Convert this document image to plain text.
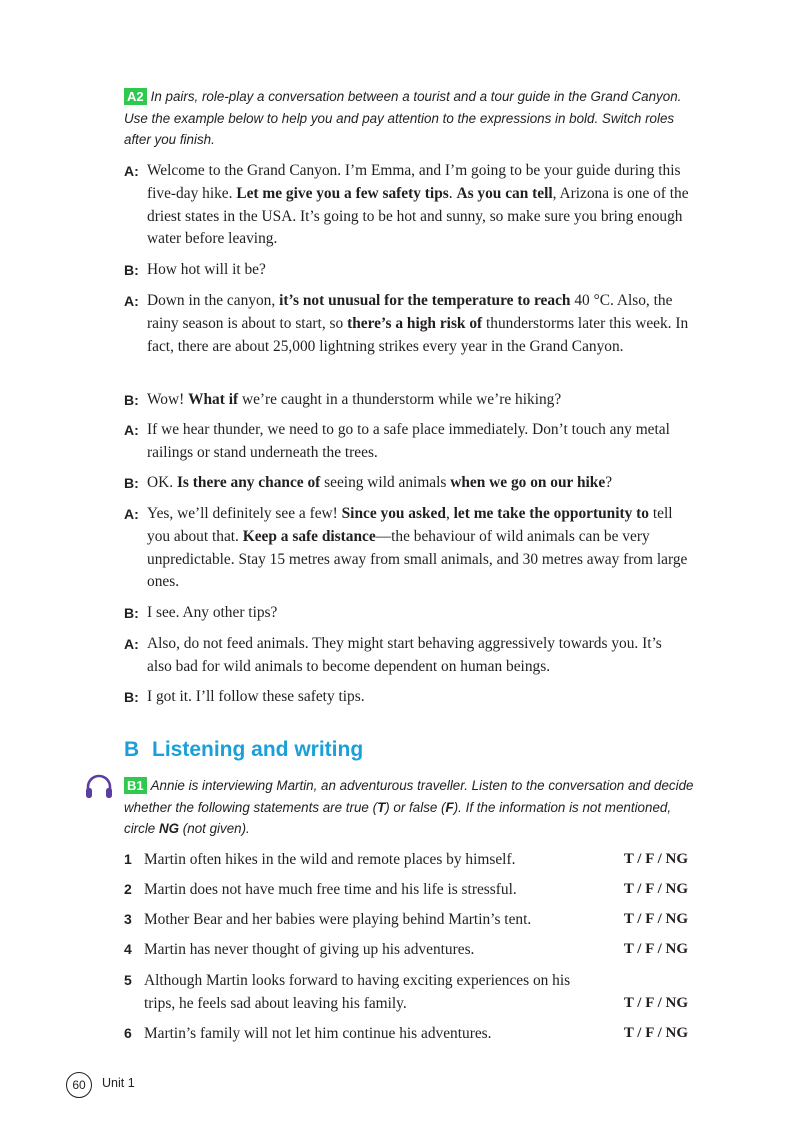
A2 In pairs, role-play a conversation between a tourist and a tour guide in the Grand Canyon. Use the example below to help you and pay attention to the expressions in bold. Switch roles after you finish.
A: Welcome to the Grand Canyon. I’m Emma, and I’m going to be your guide during this five-day hike. Let me give you a few safety tips. As you can tell, Arizona is one of the driest states in the USA. It’s going to be hot and sunny, so make sure you bring enough water before leaving.
B: How hot will it be?
A: Down in the canyon, it’s not unusual for the temperature to reach 40 °C. Also, the rainy season is about to start, so there’s a high risk of thunderstorms later this week. In fact, there are about 25,000 lightning strikes every year in the Grand Canyon.
B: Wow! What if we’re caught in a thunderstorm while we’re hiking?
A: If we hear thunder, we need to go to a safe place immediately. Don’t touch any metal railings or stand underneath the trees.
B: OK. Is there any chance of seeing wild animals when we go on our hike?
A: Yes, we’ll definitely see a few! Since you asked, let me take the opportunity to tell you about that. Keep a safe distance—the behaviour of wild animals can be very unpredictable. Stay 15 metres away from small animals, and 30 metres away from large ones.
B: I see. Any other tips?
A: Also, do not feed animals. They might start behaving aggressively towards you. It’s also bad for wild animals to become dependent on human beings.
B: I got it. I’ll follow these safety tips.
B Listening and writing
B1 Annie is interviewing Martin, an adventurous traveller. Listen to the conversation and decide whether the following statements are true (T) or false (F). If the information is not mentioned, circle NG (not given).
1 Martin often hikes in the wild and remote places by himself.	T / F / NG
2 Martin does not have much free time and his life is stressful.	T / F / NG
3 Mother Bear and her babies were playing behind Martin’s tent.	T / F / NG
4 Martin has never thought of giving up his adventures.	T / F / NG
5 Although Martin looks forward to having exciting experiences on his trips, he feels sad about leaving his family.	T / F / NG
6 Martin’s family will not let him continue his adventures.	T / F / NG
60	Unit 1
